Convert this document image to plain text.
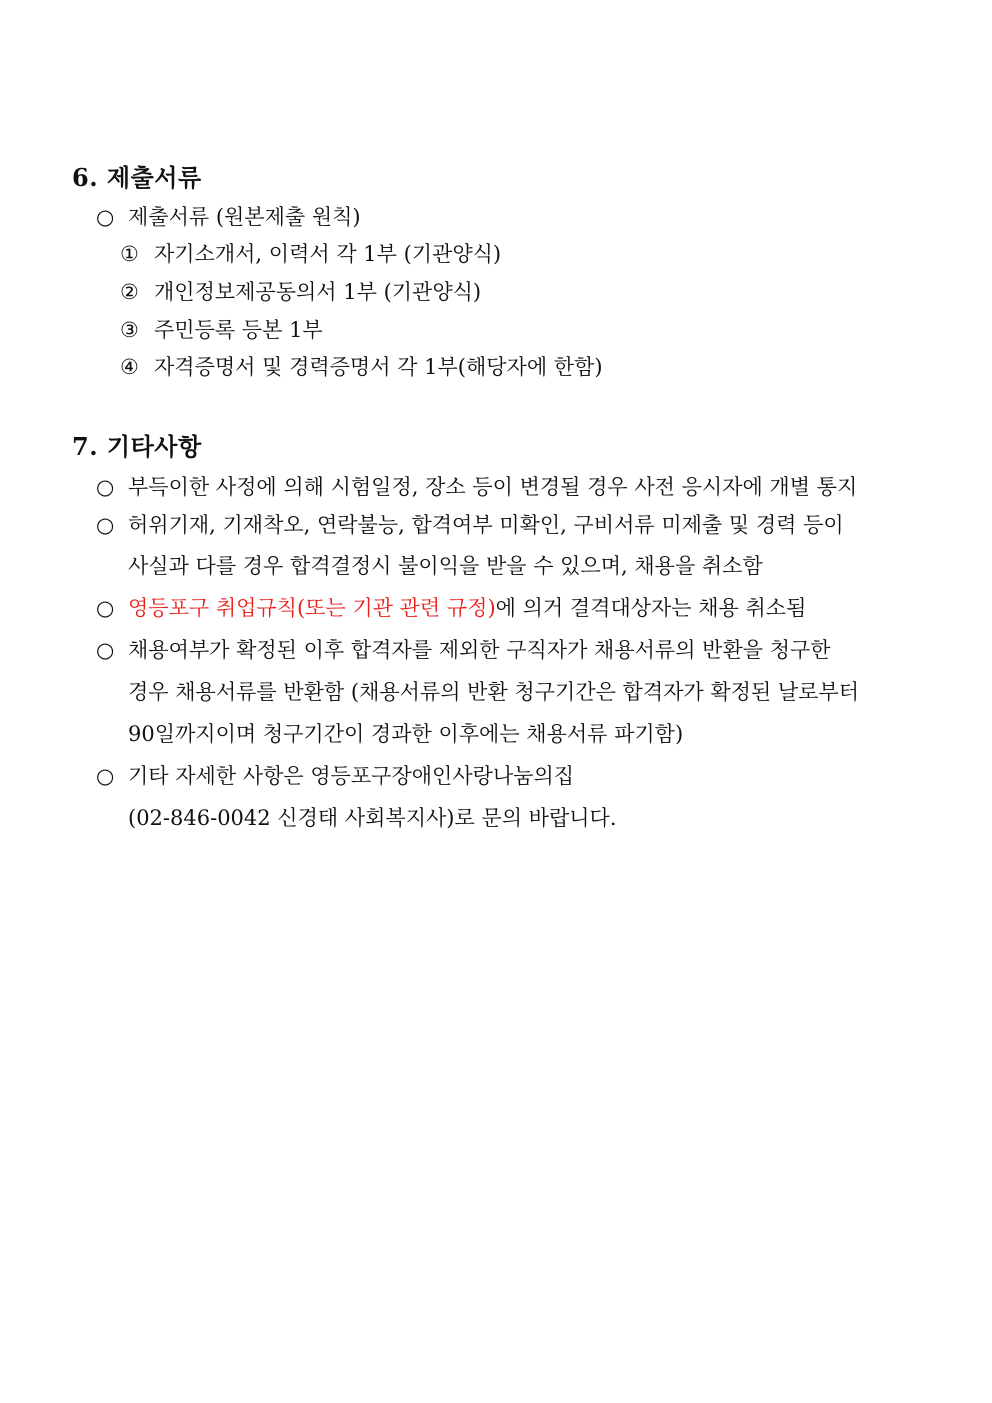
6. 제출서류
○ 제출서류 (원본제출 원칙)
① 자기소개서, 이력서 각 1부 (기관양식)
② 개인정보제공동의서 1부 (기관양식)
③ 주민등록 등본 1부
④ 자격증명서 및 경력증명서 각 1부(해당자에 한함)
7. 기타사항
○ 부득이한 사정에 의해 시험일정, 장소 등이 변경될 경우 사전 응시자에 개별 통지
○ 허위기재, 기재착오, 연락불능, 합격여부 미확인, 구비서류 미제출 및 경력 등이
사실과 다를 경우 합격결정시 불이익을 받을 수 있으며, 채용을 취소함
○ 영등포구 취업규칙(또는 기관 관련 규정)에 의거 결격대상자는 채용 취소됨
○ 채용여부가 확정된 이후 합격자를 제외한 구직자가 채용서류의 반환을 청구한
경우 채용서류를 반환함 (채용서류의 반환 청구기간은 합격자가 확정된 날로부터
90일까지이며 청구기간이 경과한 이후에는 채용서류 파기함)
○ 기타 자세한 사항은 영등포구장애인사랑나눔의집
(02-846-0042 신경태 사회복지사)로 문의 바랍니다.
